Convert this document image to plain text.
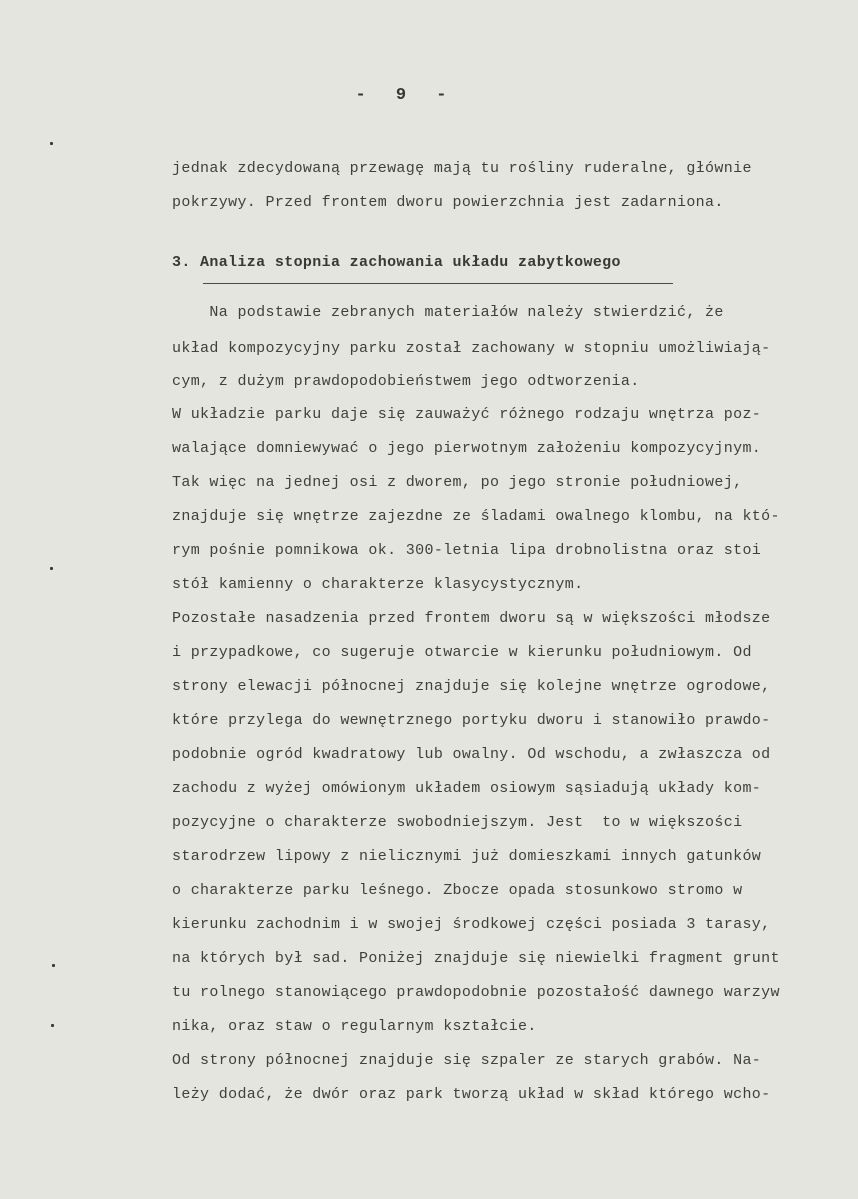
- 9 -
jednak zdecydowaną przewagę mają tu rośliny ruderalne, głównie
pokrzywy. Przed frontem dworu powierzchnia jest zadarniona.
3. Analiza stopnia zachowania układu zabytkowego
Na podstawie zebranych materiałów należy stwierdzić, że
układ kompozycyjny parku został zachowany w stopniu umożliwiają-
cym, z dużym prawdopodobieństwem jego odtworzenia.
W układzie parku daje się zauważyć różnego rodzaju wnętrza poz-
walające domniewywać o jego pierwotnym założeniu kompozycyjnym.
Tak więc na jednej osi z dworem, po jego stronie południowej,
znajduje się wnętrze zajezdne ze śladami owalnego klombu, na któ-
rym pośnie pomnikowa ok. 300-letnia lipa drobnolistna oraz stoi
stół kamienny o charakterze klasycystycznym.
Pozostałe nasadzenia przed frontem dworu są w większości młodsze
i przypadkowe, co sugeruje otwarcie w kierunku południowym. Od
strony elewacji północnej znajduje się kolejne wnętrze ogrodowe,
które przylega do wewnętrznego portyku dworu i stanowiło prawdo-
podobnie ogród kwadratowy lub owalny. Od wschodu, a zwłaszcza od
zachodu z wyżej omówionym układem osiowym sąsiadują układy kom-
pozycyjne o charakterze swobodniejszym. Jest  to w większości
starodrzew lipowy z nielicznymi już domieszkami innych gatunków
o charakterze parku leśnego. Zbocze opada stosunkowo stromo w
kierunku zachodnim i w swojej środkowej części posiada 3 tarasy,
na których był sad. Poniżej znajduje się niewielki fragment grunt
tu rolnego stanowiącego prawdopodobnie pozostałość dawnego warzyw
nika, oraz staw o regularnym kształcie.
Od strony północnej znajduje się szpaler ze starych grabów. Na-
leży dodać, że dwór oraz park tworzą układ w skład którego wcho-
